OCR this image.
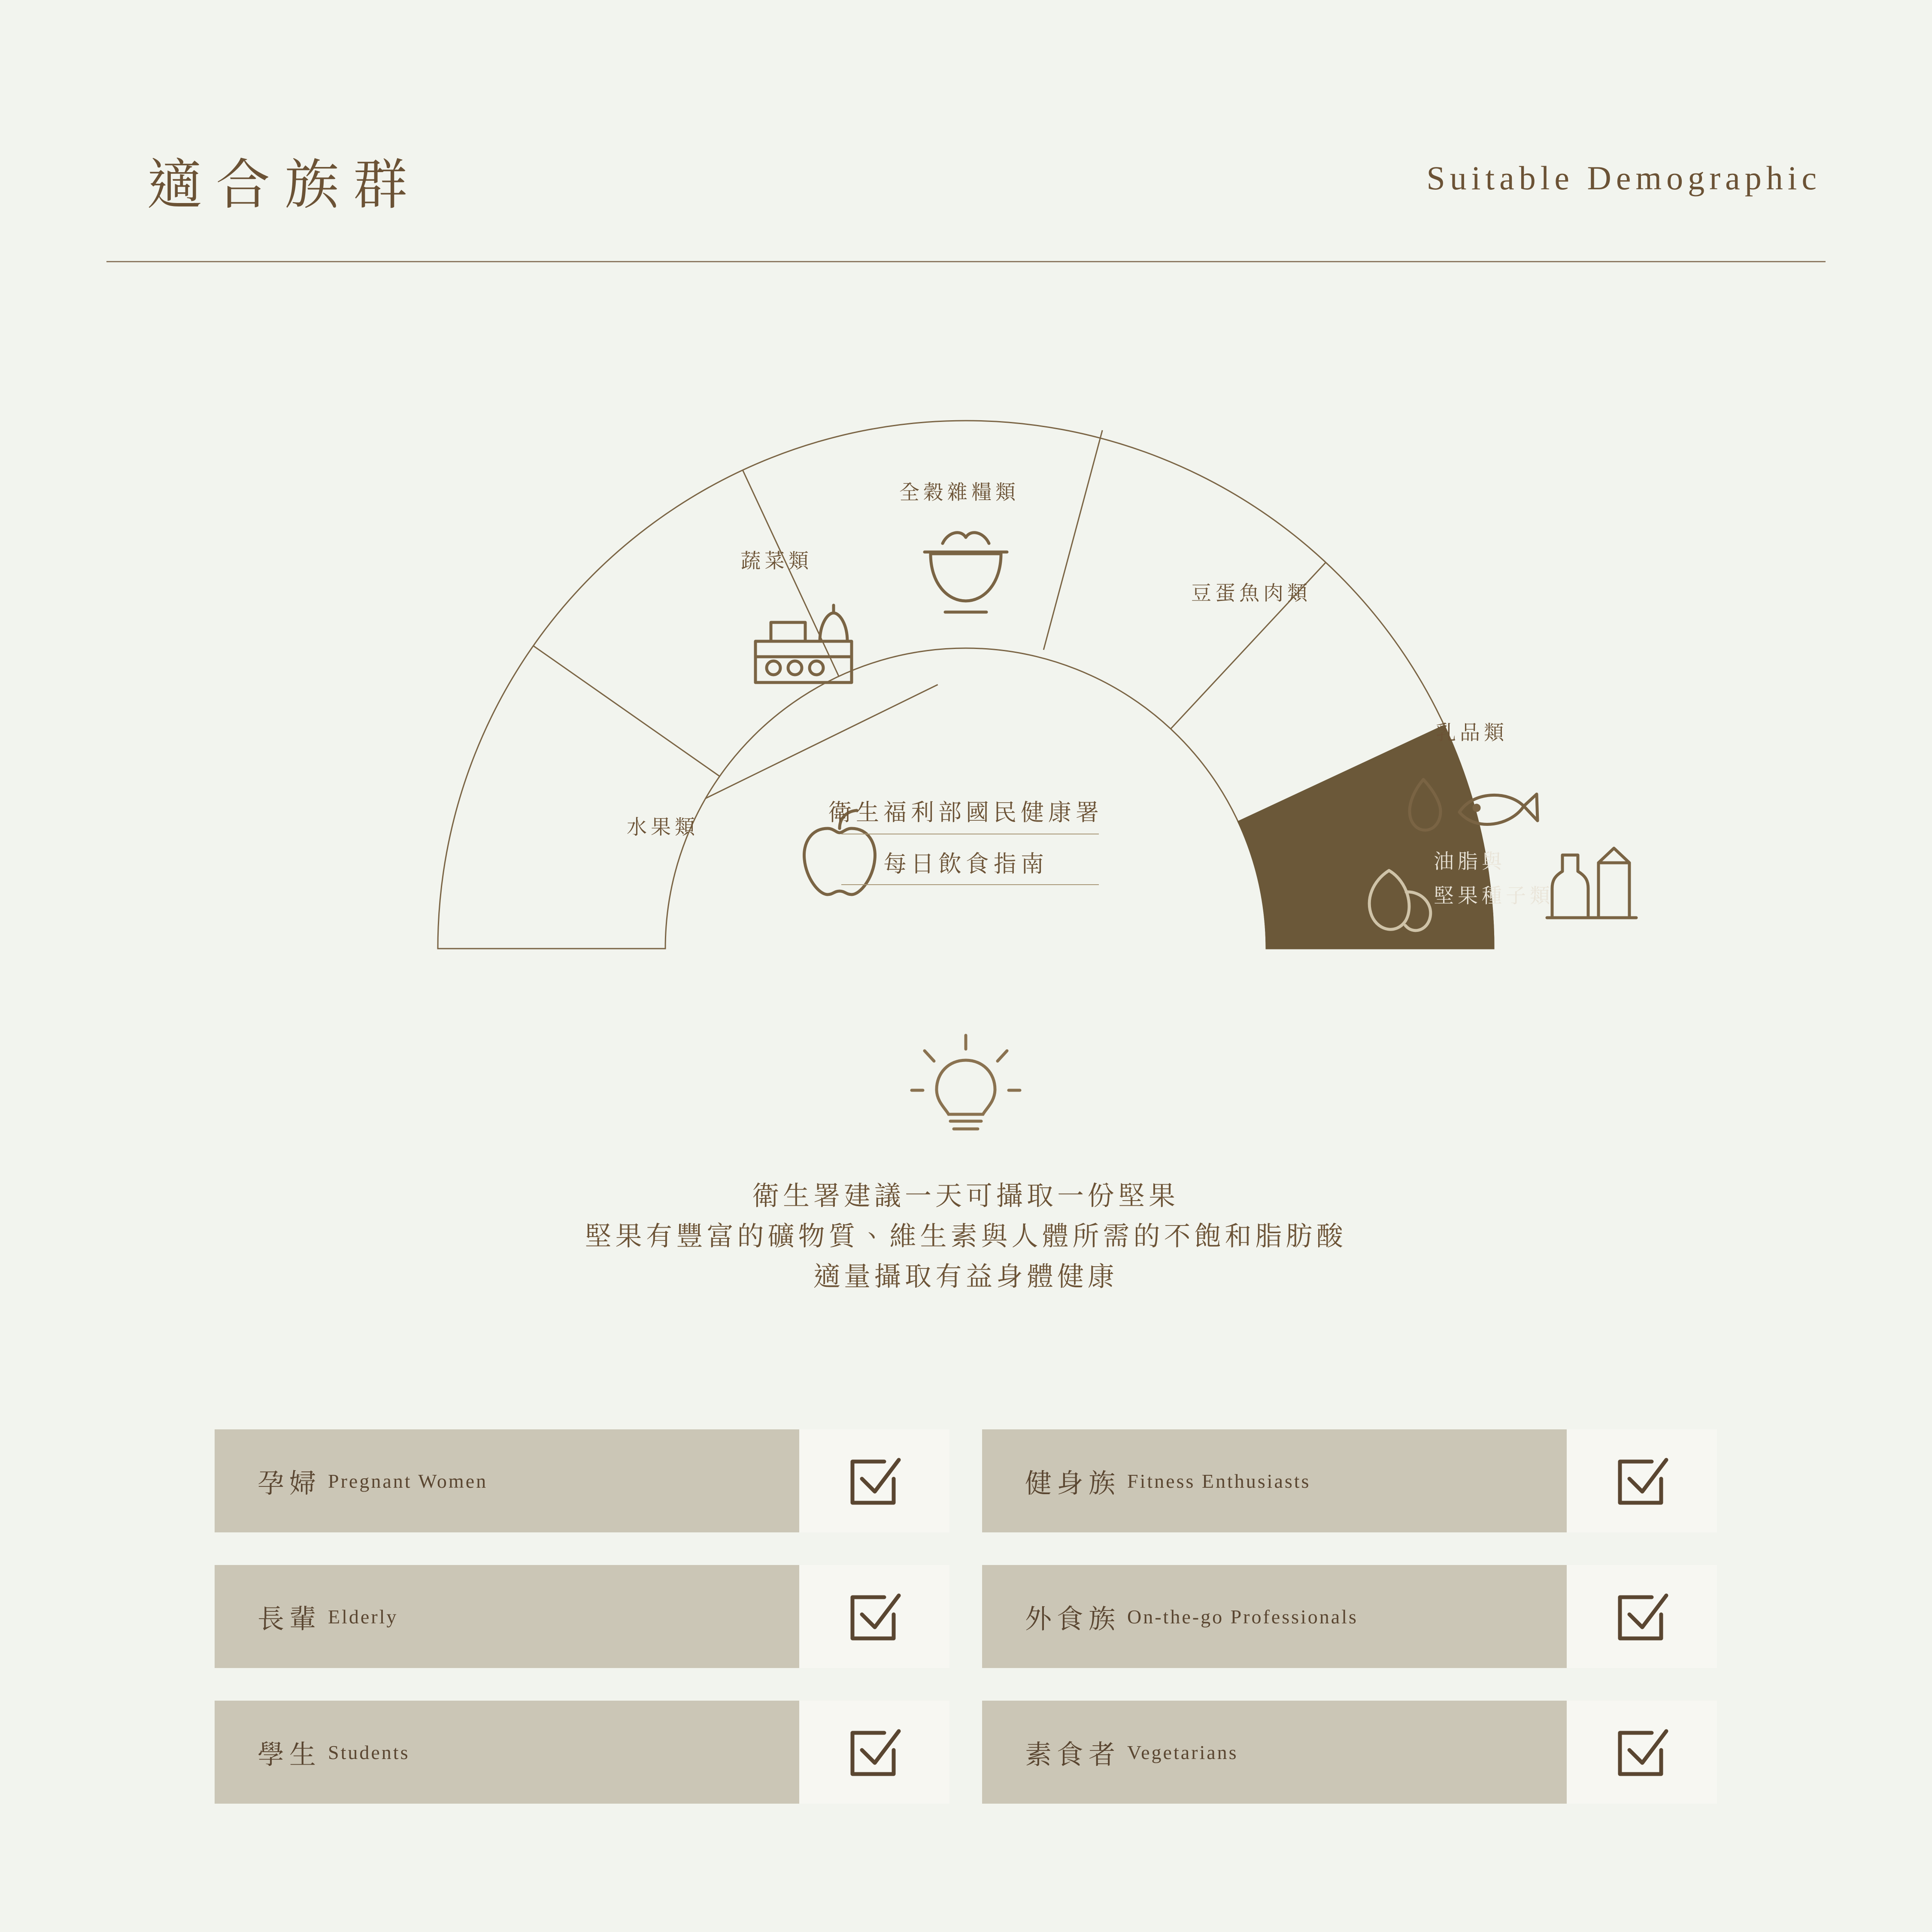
適合族群	Suitable Demographic
水果類
蔬菜類
全穀雜糧類
豆蛋魚肉類
乳品類
油脂與
堅果種子類
衛生福利部國民健康署
每日飲食指南
衛生署建議一天可攝取一份堅果
堅果有豐富的礦物質、維生素與人體所需的不飽和脂肪酸
適量攝取有益身體健康
孕婦 Pregnant Women	健身族 Fitness Enthusiasts
長輩 Elderly	外食族 On-the-go Professionals
學生 Students	素食者 Vegetarians
